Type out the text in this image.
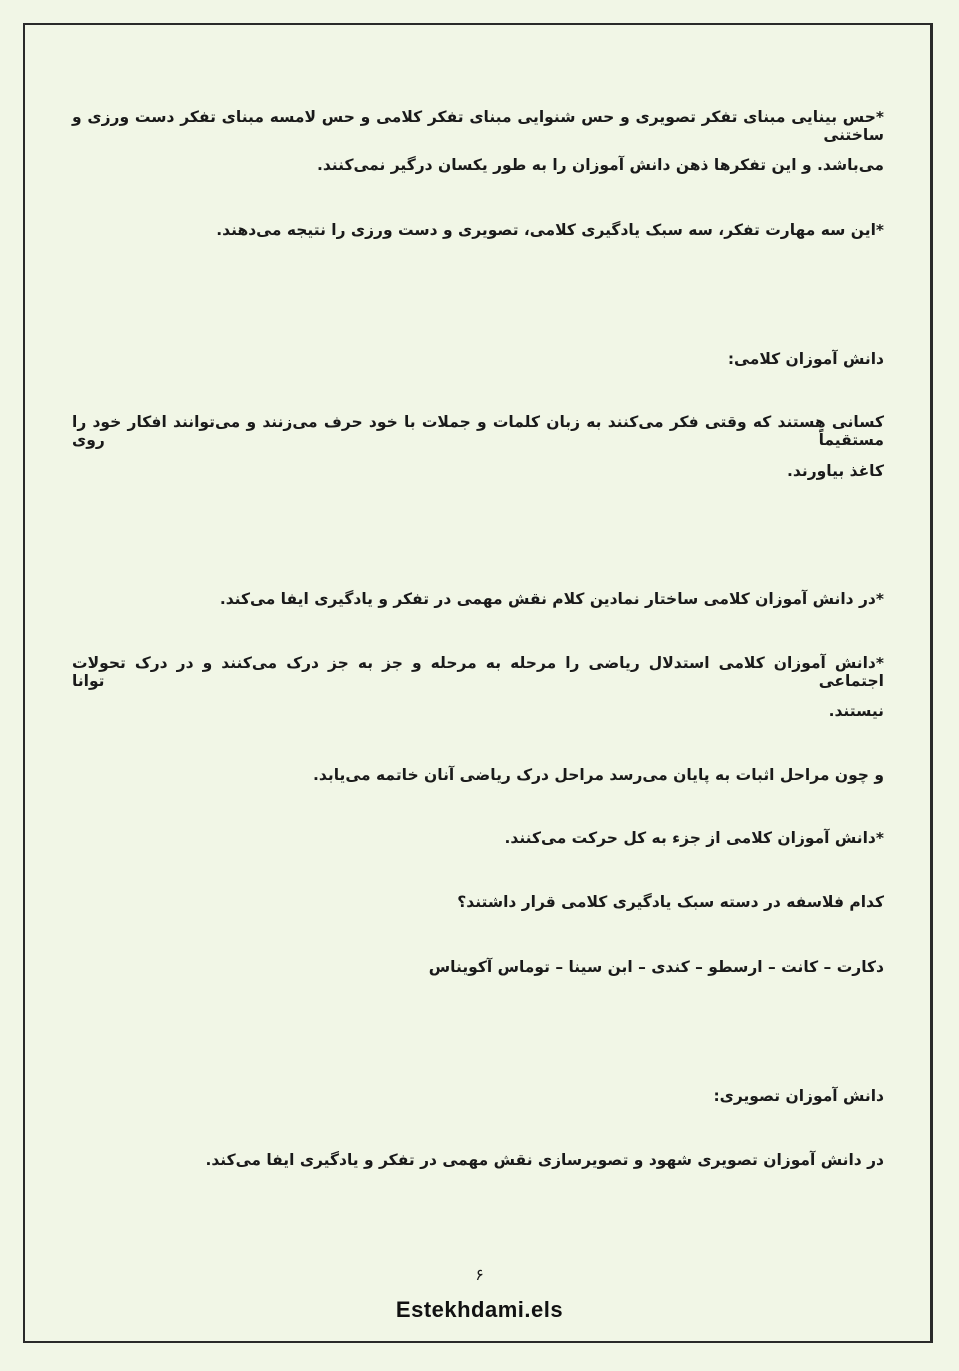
*حس بینایی مبنای تفکر تصویری و حس شنوایی مبنای تفکر کلامی و حس لامسه مبنای تفکر دست ورزی و ساختنی
می‌باشد. و این تفکرها ذهن دانش آموزان را به طور یکسان درگیر نمی‌کنند.
*این سه مهارت تفکر، سه سبک یادگیری کلامی، تصویری و دست ورزی را نتیجه می‌دهند.
دانش آموزان کلامی:
کسانی هستند که وقتی فکر می‌کنند به زبان کلمات و جملات با خود حرف می‌زنند و می‌توانند افکار خود را مستقیماً روی
کاغذ بیاورند.
*در دانش آموزان کلامی ساختار نمادین کلام نقش مهمی در تفکر و یادگیری ایفا می‌کند.
*دانش آموزان کلامی استدلال ریاضی را مرحله به مرحله و جز به جز درک می‌کنند و در درک تحولات اجتماعی توانا
نیستند.
و چون مراحل اثبات به پایان می‌رسد مراحل درک ریاضی آنان خاتمه می‌یابد.
*دانش آموزان کلامی از جزء به کل حرکت می‌کنند.
کدام فلاسفه در دسته سبک یادگیری کلامی قرار داشتند؟
دکارت – کانت – ارسطو – کندی – ابن سینا – توماس آکویناس
دانش آموزان تصویری:
در دانش آموزان تصویری شهود و تصویرسازی نقش مهمی در تفکر و یادگیری ایفا می‌کند.
۶
Estekhdami.els
